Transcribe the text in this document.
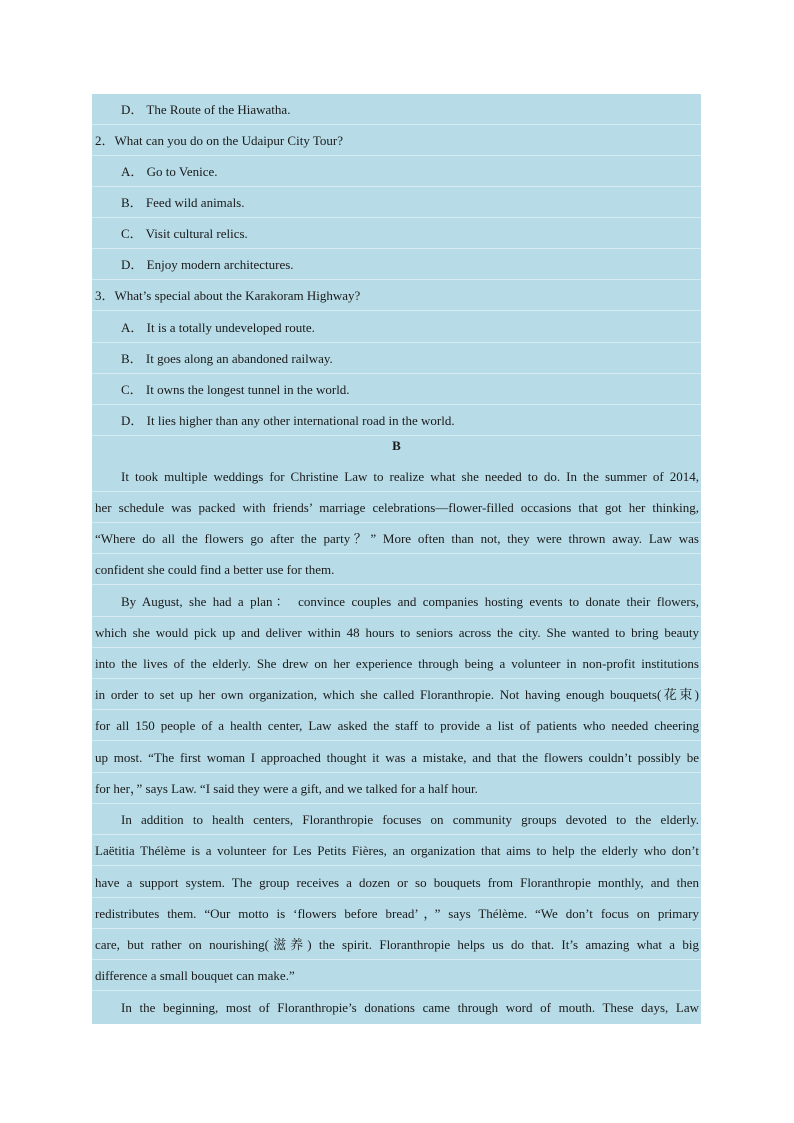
D． The Route of the Hiawatha.
2．What can you do on the Udaipur City Tour?
A． Go to Venice.
B． Feed wild animals.
C． Visit cultural relics.
D． Enjoy modern architectures.
3．What’s special about the Karakoram Highway?
A． It is a totally undeveloped route.
B． It goes along an abandoned railway.
C． It owns the longest tunnel in the world.
D． It lies higher than any other international road in the world.
B
It took multiple weddings for Christine Law to realize what she needed to do. In the summer of 2014,
her schedule was packed with friends’ marriage celebrations—flower-filled occasions that got her thinking,
“Where do all the flowers go after the party？” More often than not, they were thrown away. Law was
confident she could find a better use for them.
By August, she had a plan： convince couples and companies hosting events to donate their flowers,
which she would pick up and deliver within 48 hours to seniors across the city. She wanted to bring beauty
into the lives of the elderly. She drew on her experience through being a volunteer in non-profit institutions
in order to set up her own organization, which she called Floranthropie. Not having enough bouquets(花束)
for all 150 people of a health center, Law asked the staff to provide a list of patients who needed cheering
up most. “The first woman I approached thought it was a mistake, and that the flowers couldn’t possibly be
for her，” says Law. “I said they were a gift, and we talked for a half hour.
In addition to health centers, Floranthropie focuses on community groups devoted to the elderly.
Laëtitia Thélème is a volunteer for Les Petits Fières, an organization that aims to help the elderly who don’t
have a support system. The group receives a dozen or so bouquets from Floranthropie monthly, and then
redistributes them. “Our motto is ‘flowers before bread’，” says Thélème. “We don’t focus on primary
care, but rather on nourishing(滋养) the spirit. Floranthropie helps us do that. It’s amazing what a big
difference a small bouquet can make.”
In the beginning, most of Floranthropie’s donations came through word of mouth. These days, Law
